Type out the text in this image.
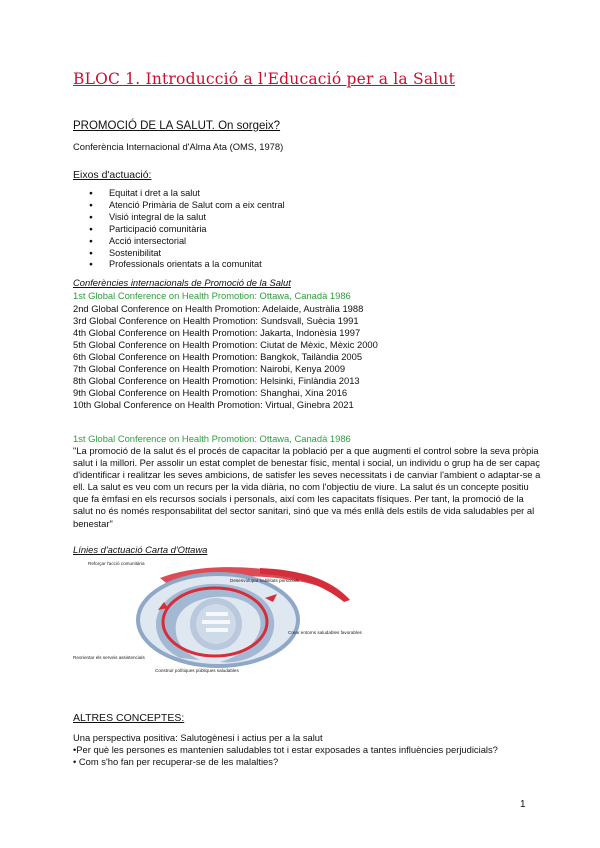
BLOC 1. Introducció a l'Educació per a la Salut
PROMOCIÓ DE LA SALUT. On sorgeix?
Conferència Internacional d'Alma Ata (OMS, 1978)
Eixos d'actuació:
● Equitat i dret a la salut
● Atenció Primària de Salut com a eix central
● Visió integral de la salut
● Participació comunitària
● Acció intersectorial
● Sostenibilitat
● Professionals orientats a la comunitat
Conferències internacionals de Promoció de la Salut
1st Global Conference on Health Promotion: Ottawa, Canadà 1986
2nd Global Conference on Health Promotion: Adelaide, Austràlia 1988
3rd Global Conference on Health Promotion: Sundsvall, Suècia 1991
4th Global Conference on Health Promotion: Jakarta, Indonèsia 1997
5th Global Conference on Health Promotion: Ciutat de Mèxic, Mèxic 2000
6th Global Conference on Health Promotion: Bangkok, Tailàndia 2005
7th Global Conference on Health Promotion: Nairobi, Kenya 2009
8th Global Conference on Health Promotion: Helsinki, Finlàndia 2013
9th Global Conference on Health Promotion: Shanghai, Xina 2016
10th Global Conference on Health Promotion: Virtual, Ginebra 2021
1st Global Conference on Health Promotion: Ottawa, Canadà 1986
"La promoció de la salut és el procés de capacitar la població per a que augmenti el control sobre la seva pròpia
salut i la millori. Per assolir un estat complet de benestar físic, mental i social, un individu o grup ha de ser capaç
d'identificar i realitzar les seves ambicions, de satisfer les seves necessitats i de canviar l'ambient o adaptar-se a
ell. La salut es veu com un recurs per la vida diària, no com l'objectiu de viure. La salut és un concepte positiu
que fa èmfasi en els recursos socials i personals, així com les capacitats físiques. Per tant, la promoció de la
salut no és només responsabilitat del sector sanitari, sinó que va més enllà dels estils de vida saludables per al
benestar"
Línies d'actuació Carta d'Ottawa
Reforçar l'acció comunitària
Desenvolupar habilitats personals
Crear entorns saludables favorables
Reorientar els serveis assistencials
Construir polítiques públiques saludables
ALTRES CONCEPTES:
Una perspectiva positiva: Salutogènesi i actius per a la salut
•Per què les persones es mantenien saludables tot i estar exposades a tantes influències perjudicials?
• Com s'ho fan per recuperar-se de les malalties?
1
